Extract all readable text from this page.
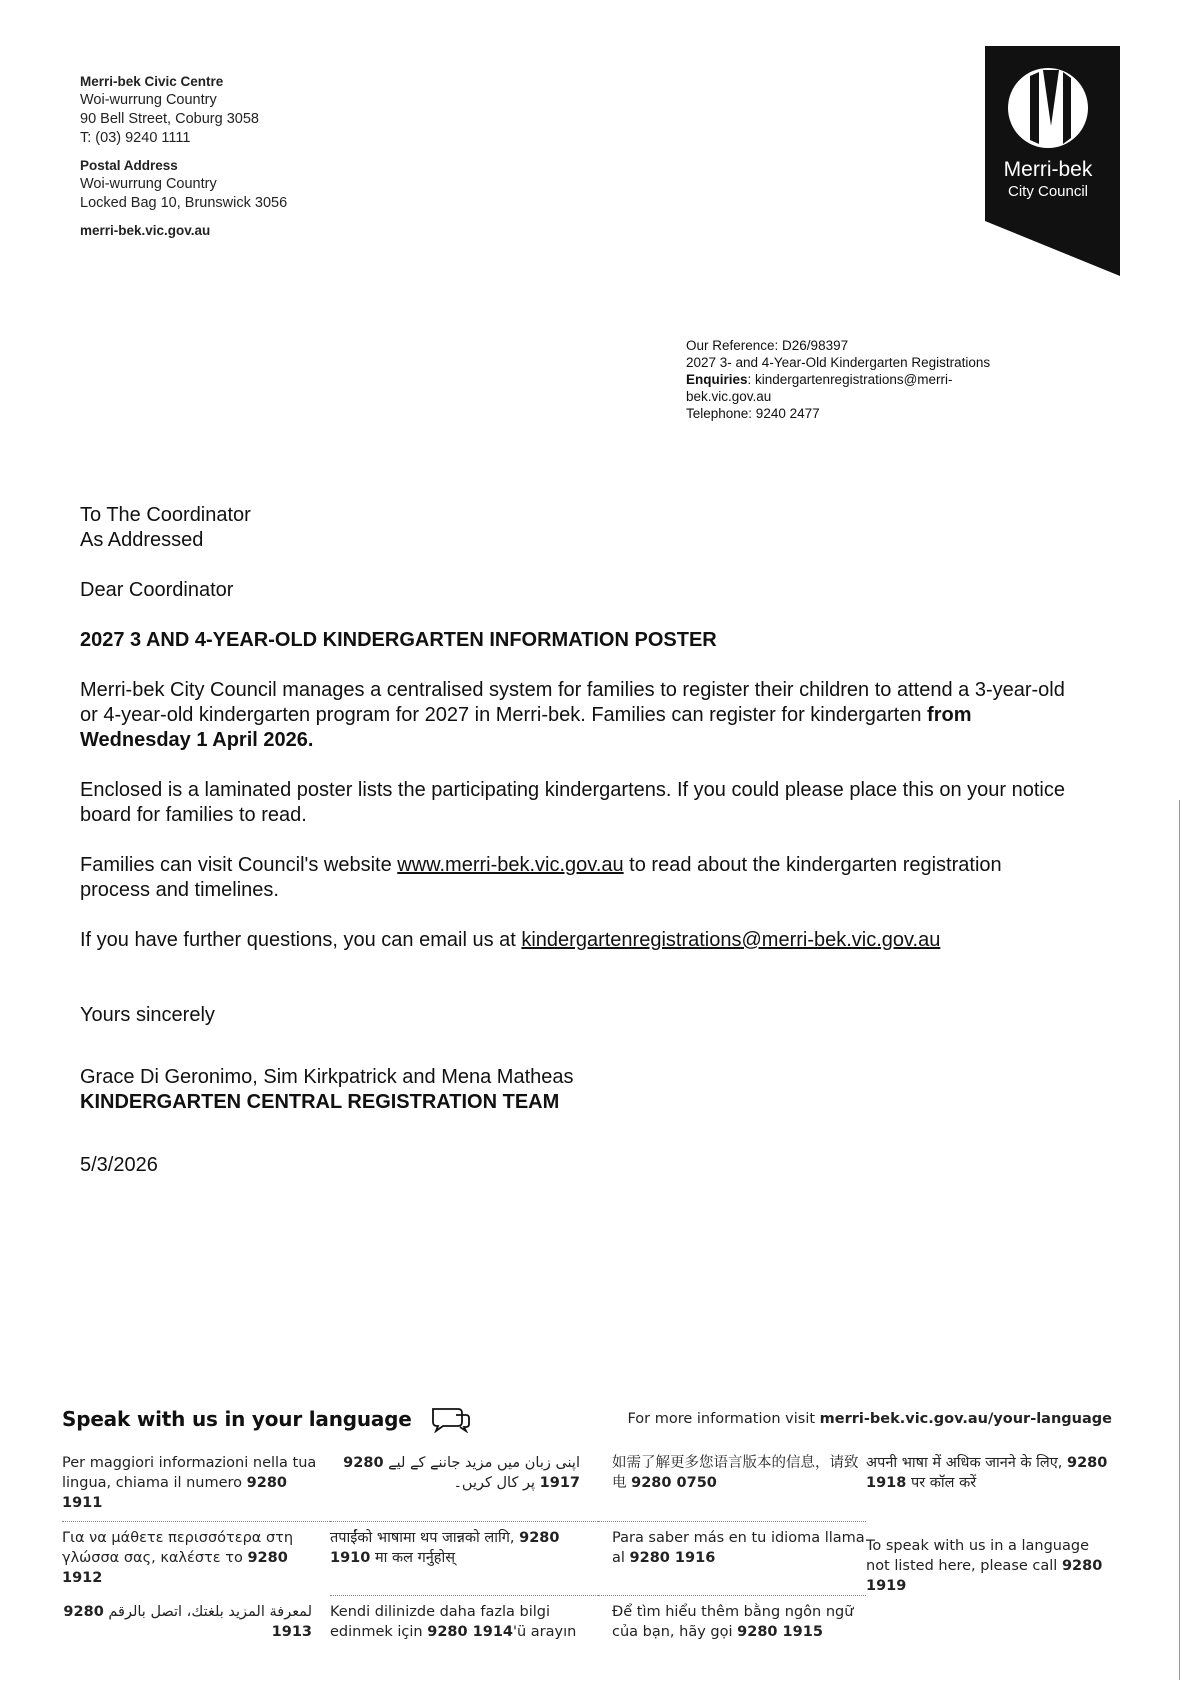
Merri-bek Civic Centre
Woi-wurrung Country
90 Bell Street, Coburg 3058
T: (03) 9240 1111
Postal Address
Woi-wurrung Country
Locked Bag 10, Brunswick 3056
merri-bek.vic.gov.au
Merri-bek
City Council
Our Reference: D26/98397
2027 3- and 4-Year-Old Kindergarten Registrations
Enquiries: kindergartenregistrations@merri-
bek.vic.gov.au
Telephone: 9240 2477

To The Coordinator

As Addressed

Dear Coordinator

2027 3 AND 4-YEAR-OLD KINDERGARTEN INFORMATION POSTER

Merri-bek City Council manages a centralised system for families to register their children to attend a 3-year-old or 4-year-old kindergarten program for 2027 in Merri-bek. Families can register for kindergarten from Wednesday 1 April 2026.

Enclosed is a laminated poster lists the participating kindergartens. If you could please place this on your notice board for families to read.

Families can visit Council's website www.merri-bek.vic.gov.au to read about the kindergarten registration process and timelines.

If you have further questions, you can email us at kindergartenregistrations@merri-bek.vic.gov.au

Yours sincerely

Grace Di Geronimo, Sim Kirkpatrick and Mena Matheas

KINDERGARTEN CENTRAL REGISTRATION TEAM

5/3/2026

Speak with us in your language	For more information visit merri-bek.vic.gov.au/your-language
Per maggiori informazioni nella tua lingua, chiama il numero 9280 1911
اپنی زبان میں مزید جاننے کے لیے 9280 1917 پر کال کریں۔
如需了解更多您语言版本的信息，请致电 9280 0750
अपनी भाषा में अधिक जानने के लिए, 9280 1918 पर कॉल करें
Για να μάθετε περισσότερα στη γλώσσα σας, καλέστε το 9280 1912
तपाईंको भाषामा थप जान्नको लागि, 9280 1910 मा कल गर्नुहोस्
Para saber más en tu idioma llama al 9280 1916
To speak with us in a language not listed here, please call 9280 1919
لمعرفة المزيد بلغتك، اتصل بالرقم 9280 1913
Kendi dilinizde daha fazla bilgi edinmek için 9280 1914'ü arayın
Để tìm hiểu thêm bằng ngôn ngữ của bạn, hãy gọi 9280 1915
